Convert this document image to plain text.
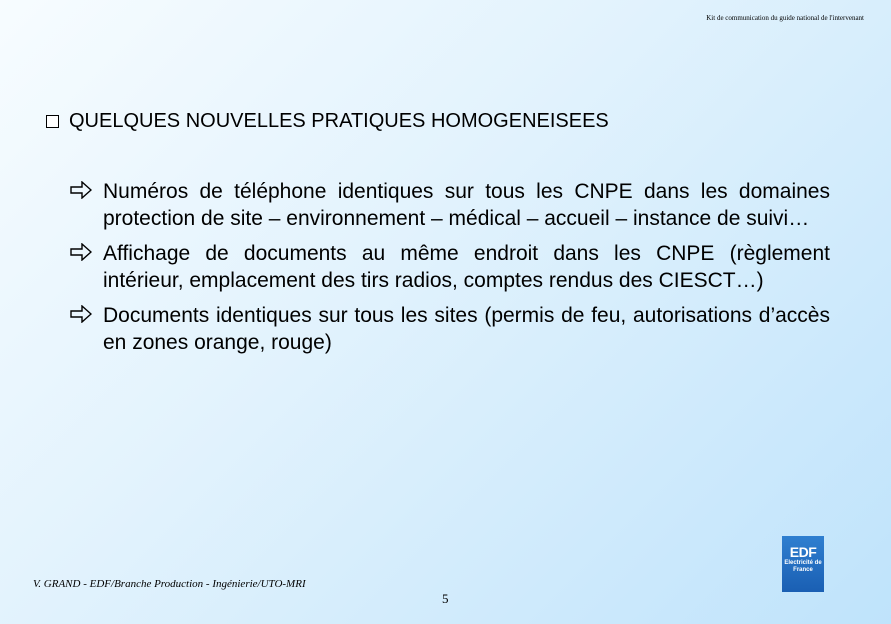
Kit de communication du guide national de l'intervenant
QUELQUES NOUVELLES PRATIQUES HOMOGENEISEES
Numéros de téléphone identiques sur tous les CNPE dans les domaines protection de site – environnement – médical – accueil – instance de suivi…
Affichage de documents au même endroit dans les CNPE (règlement intérieur, emplacement des tirs radios, comptes rendus des CIESCT…)
Documents identiques sur tous les sites (permis de feu, autorisations d’accès en zones orange, rouge)
V. GRAND - EDF/Branche Production - Ingénierie/UTO-MRI
5
EDF
Electricité de France
